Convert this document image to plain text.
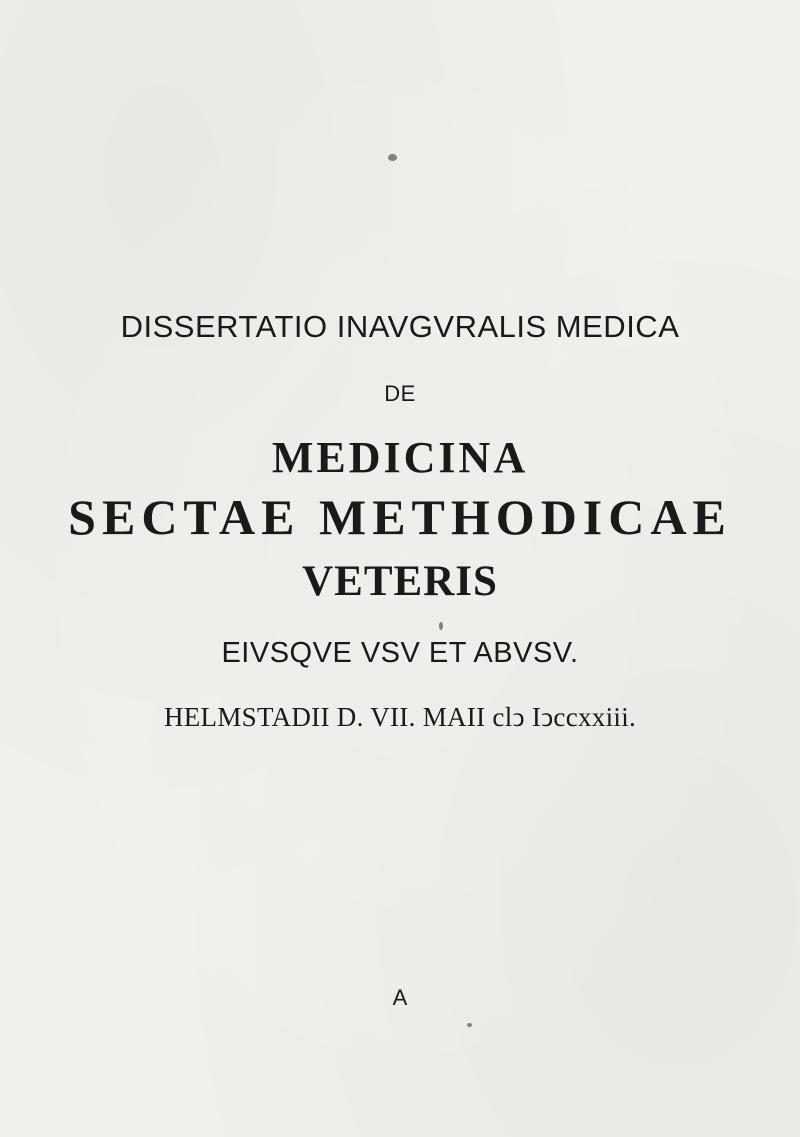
DISSERTATIO INAVGVRALIS MEDICA

DE

MEDICINA

SECTAE METHODICAE

VETERIS

EIVSQVE VSV ET ABVSV.

HELMSTADII D. VII. MAII clↄ Iↄccxxiii.

A
